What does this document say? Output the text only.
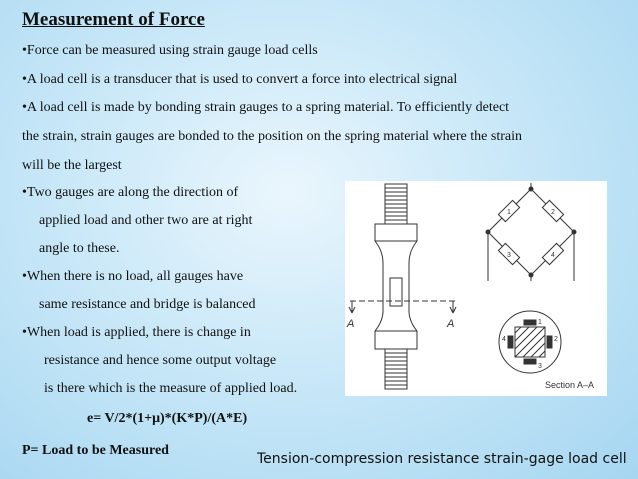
Measurement of Force
•Force can be measured using strain gauge load cells
•A load cell is a transducer that is used to convert a force into electrical signal
•A load cell is made by bonding strain gauges to a spring material. To efficiently detect
the strain, strain gauges are bonded to the position on the spring material where the strain
will be the largest
•Two gauges are along the direction of
applied load and other two are at right
angle to these.
•When there is no load, all gauges have
same resistance and bridge is balanced
•When load is applied, there is change in
resistance and hence some output voltage
is there which is the measure of applied load.
e= V/2*(1+μ)*(K*P)/(A*E)
P= Load to be Measured
Tension-compression resistance strain-gage load cell
A	A
1	2
3	4
1
2
3
4
Section A–A
